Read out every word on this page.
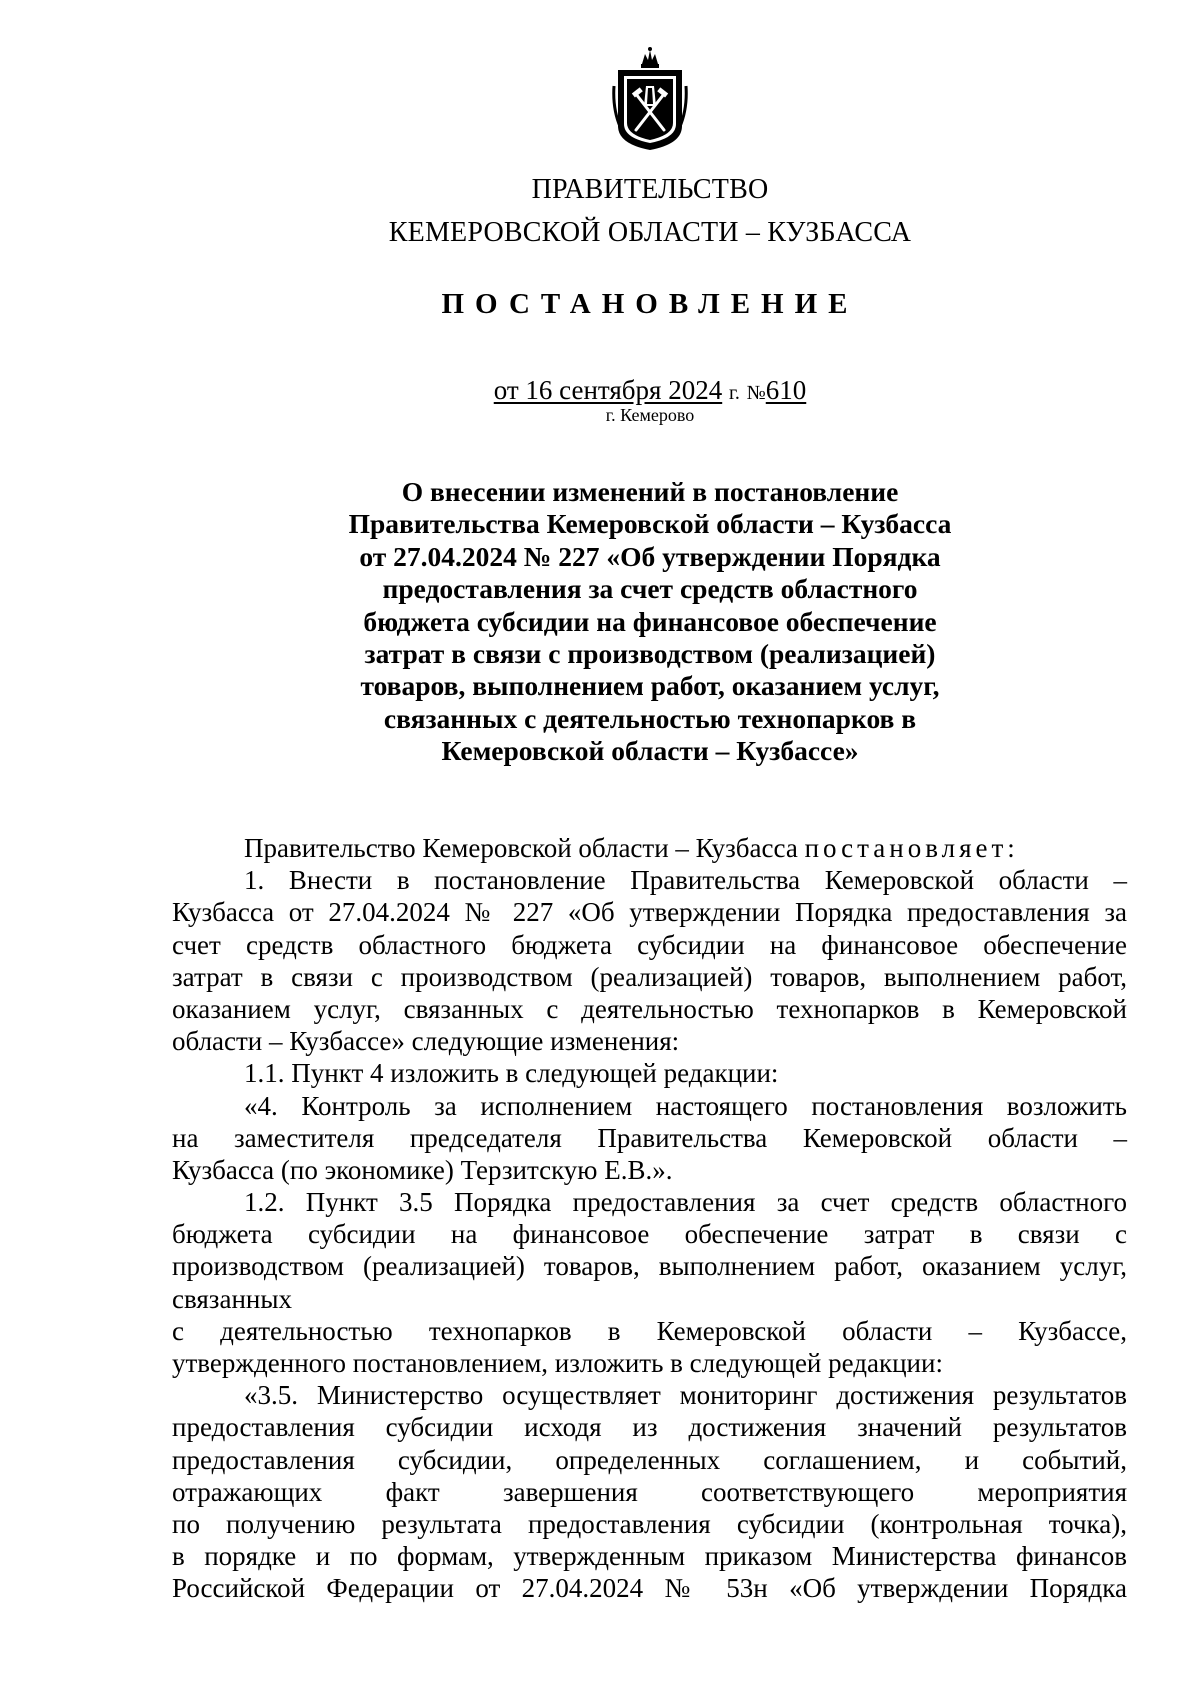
ПРАВИТЕЛЬСТВО
КЕМЕРОВСКОЙ ОБЛАСТИ – КУЗБАССА
ПОСТАНОВЛЕНИЕ
от 16 сентября 2024 г. №610
г. Кемерово
О внесении изменений в постановление
Правительства Кемеровской области – Кузбасса
от 27.04.2024 № 227 «Об утверждении Порядка
предоставления за счет средств областного
бюджета субсидии на финансовое обеспечение
затрат в связи с производством (реализацией)
товаров, выполнением работ, оказанием услуг,
связанных с деятельностью технопарков в
Кемеровской области – Кузбассе»
Правительство Кемеровской области – Кузбасса постановляет:
1. Внести в постановление Правительства Кемеровской области –
Кузбасса от 27.04.2024 № 227 «Об утверждении Порядка предоставления за
счет средств областного бюджета субсидии на финансовое обеспечение
затрат в связи с производством (реализацией) товаров, выполнением работ,
оказанием услуг, связанных с деятельностью технопарков в Кемеровской
области – Кузбассе» следующие изменения:
1.1. Пункт 4 изложить в следующей редакции:
«4. Контроль за исполнением настоящего постановления возложить
на заместителя председателя Правительства Кемеровской области –
Кузбасса (по экономике) Терзитскую Е.В.».
1.2. Пункт 3.5 Порядка предоставления за счет средств областного
бюджета субсидии на финансовое обеспечение затрат в связи с
производством (реализацией) товаров, выполнением работ, оказанием услуг,
связанных
с деятельностью технопарков в Кемеровской области – Кузбассе,
утвержденного постановлением, изложить в следующей редакции:
«3.5. Министерство осуществляет мониторинг достижения результатов
предоставления субсидии исходя из достижения значений результатов
предоставления субсидии, определенных соглашением, и событий,
отражающих факт завершения соответствующего мероприятия
по получению результата предоставления субсидии (контрольная точка),
в порядке и по формам, утвержденным приказом Министерства финансов
Российской Федерации от 27.04.2024 № 53н «Об утверждении Порядка
